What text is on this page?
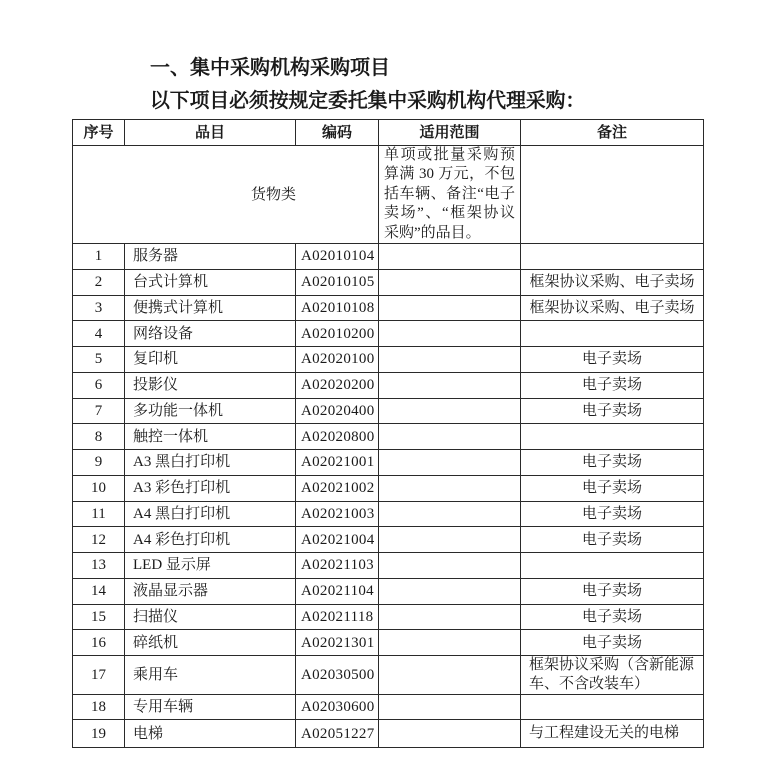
一、集中采购机构采购项目
以下项目必须按规定委托集中采购机构代理采购：
序号	品目	编码	适用范围	备注
货物类			单项或批量采购预算满 30 万元，不包括车辆、备注“电子卖场”、“框架协议采购”的品目。	
1	服务器	A02010104		
2	台式计算机	A02010105		框架协议采购、电子卖场
3	便携式计算机	A02010108		框架协议采购、电子卖场
4	网络设备	A02010200		
5	复印机	A02020100		电子卖场
6	投影仪	A02020200		电子卖场
7	多功能一体机	A02020400		电子卖场
8	触控一体机	A02020800		
9	A3 黑白打印机	A02021001		电子卖场
10	A3 彩色打印机	A02021002		电子卖场
11	A4 黑白打印机	A02021003		电子卖场
12	A4 彩色打印机	A02021004		电子卖场
13	LED 显示屏	A02021103		
14	液晶显示器	A02021104		电子卖场
15	扫描仪	A02021118		电子卖场
16	碎纸机	A02021301		电子卖场
17	乘用车	A02030500		框架协议采购（含新能源车、不含改装车）
18	专用车辆	A02030600		
19	电梯	A02051227		与工程建设无关的电梯
